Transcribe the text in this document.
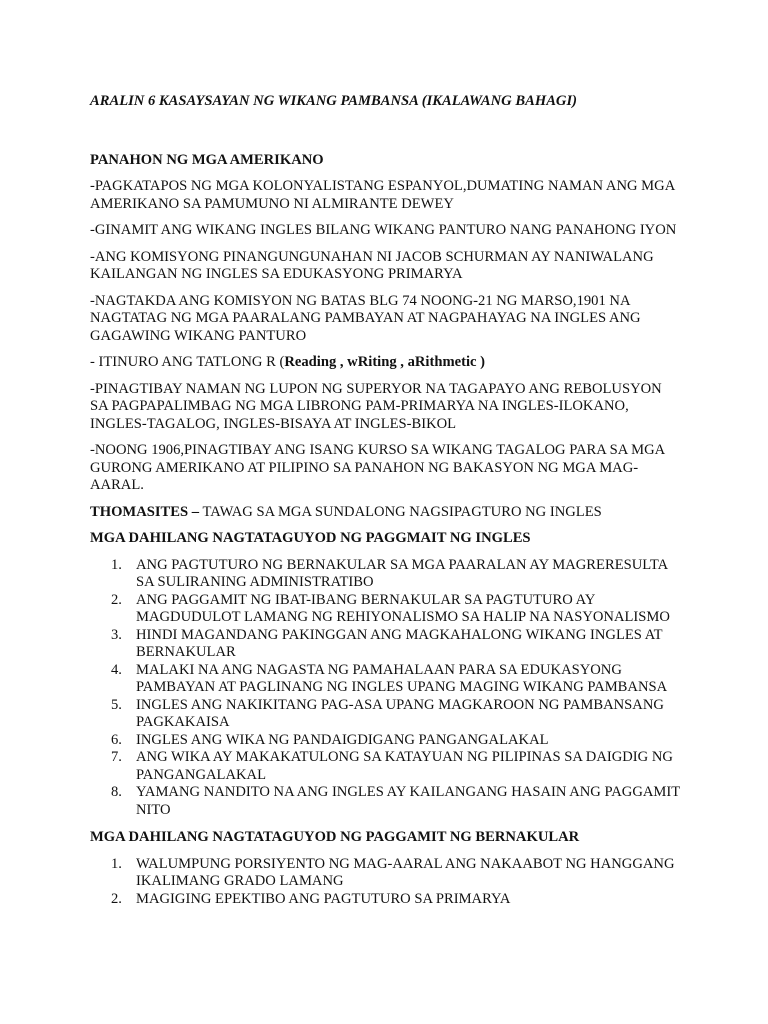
ARALIN 6 KASAYSAYAN NG WIKANG PAMBANSA (IKALAWANG BAHAGI)
PANAHON NG MGA AMERIKANO
-PAGKATAPOS NG MGA KOLONYALISTANG ESPANYOL,DUMATING NAMAN ANG MGA AMERIKANO SA PAMUMUNO NI ALMIRANTE DEWEY
-GINAMIT ANG WIKANG INGLES BILANG WIKANG PANTURO NANG PANAHONG IYON
-ANG KOMISYONG PINANGUNGUNAHAN NI JACOB SCHURMAN AY NANIWALANG KAILANGAN NG INGLES SA EDUKASYONG PRIMARYA
-NAGTAKDA ANG KOMISYON NG BATAS BLG 74 NOONG-21 NG MARSO,1901 NA NAGTATAG NG MGA PAARALANG PAMBAYAN AT NAGPAHAYAG NA INGLES ANG GAGAWING WIKANG PANTURO
- ITINURO ANG TATLONG R (Reading , wRiting , aRithmetic )
-PINAGTIBAY NAMAN NG LUPON NG SUPERYOR NA TAGAPAYO ANG REBOLUSYON SA PAGPAPALIMBAG NG MGA LIBRONG PAM-PRIMARYA NA INGLES-ILOKANO, INGLES-TAGALOG, INGLES-BISAYA AT INGLES-BIKOL
-NOONG 1906,PINAGTIBAY ANG ISANG KURSO SA WIKANG TAGALOG PARA SA MGA GURONG AMERIKANO AT PILIPINO SA PANAHON NG BAKASYON NG MGA MAG-AARAL.
THOMASITES – TAWAG SA MGA SUNDALONG NAGSIPAGTURO NG INGLES
MGA DAHILANG NAGTATAGUYOD NG PAGGMAIT NG INGLES
1. ANG PAGTUTURO NG BERNAKULAR SA MGA PAARALAN AY MAGRERESULTA SA SULIRANING ADMINISTRATIBO
2. ANG PAGGAMIT NG IBAT-IBANG BERNAKULAR SA PAGTUTURO AY MAGDUDULOT LAMANG NG REHIYONALISMO SA HALIP NA NASYONALISMO
3. HINDI MAGANDANG PAKINGGAN ANG MAGKAHALONG WIKANG INGLES AT BERNAKULAR
4. MALAKI NA ANG NAGASTA NG PAMAHALAAN PARA SA EDUKASYONG PAMBAYAN AT PAGLINANG NG INGLES UPANG MAGING WIKANG PAMBANSA
5. INGLES ANG NAKIKITANG PAG-ASA UPANG MAGKAROON NG PAMBANSANG PAGKAKAISA
6. INGLES ANG WIKA NG PANDAIGDIGANG PANGANGALAKAL
7. ANG WIKA AY MAKAKATULONG SA KATAYUAN NG PILIPINAS SA DAIGDIG NG PANGANGALAKAL
8. YAMANG NANDITO NA ANG INGLES AY KAILANGANG HASAIN ANG PAGGAMIT NITO
MGA DAHILANG NAGTATAGUYOD NG PAGGAMIT NG BERNAKULAR
1. WALUMPUNG PORSIYENTO NG MAG-AARAL ANG NAKAABOT NG HANGGANG IKALIMANG GRADO LAMANG
2. MAGIGING EPEKTIBO ANG PAGTUTURO SA PRIMARYA
